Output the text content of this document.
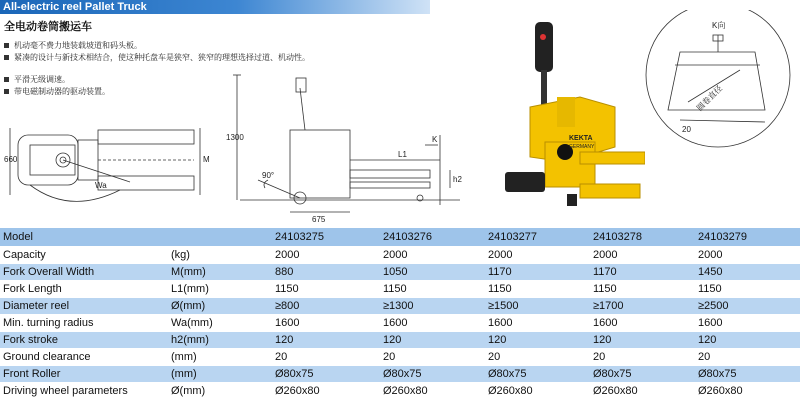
All-electric reel Pallet Truck
全电动卷筒搬运车
机动毫不费力地装载坡道和码头板。
紧凑的设计与新技术相结合，使这种托盘车是狭窄、狭窄的理想选择过道、机动性。
平滑无级调速。
带电磁制动器的驱动装置。
660	M
Wa
1300
90°
L1
K
h2
675
KEKTA
GERMANY
K向
圆卷直径
20
Model		24103275	24103276	24103277	24103278	24103279
Capacity	(kg)	2000	2000	2000	2000	2000
Fork Overall Width	M(mm)	880	1050	1170	1170	1450
Fork Length	L1(mm)	1150	1150	1150	1150	1150
Diameter reel	Ø(mm)	≥800	≥1300	≥1500	≥1700	≥2500
Min. turning radius	Wa(mm)	1600	1600	1600	1600	1600
Fork stroke	h2(mm)	120	120	120	120	120
Ground clearance	(mm)	20	20	20	20	20
Front Roller	(mm)	Ø80x75	Ø80x75	Ø80x75	Ø80x75	Ø80x75
Driving wheel parameters	Ø(mm)	Ø260x80	Ø260x80	Ø260x80	Ø260x80	Ø260x80
